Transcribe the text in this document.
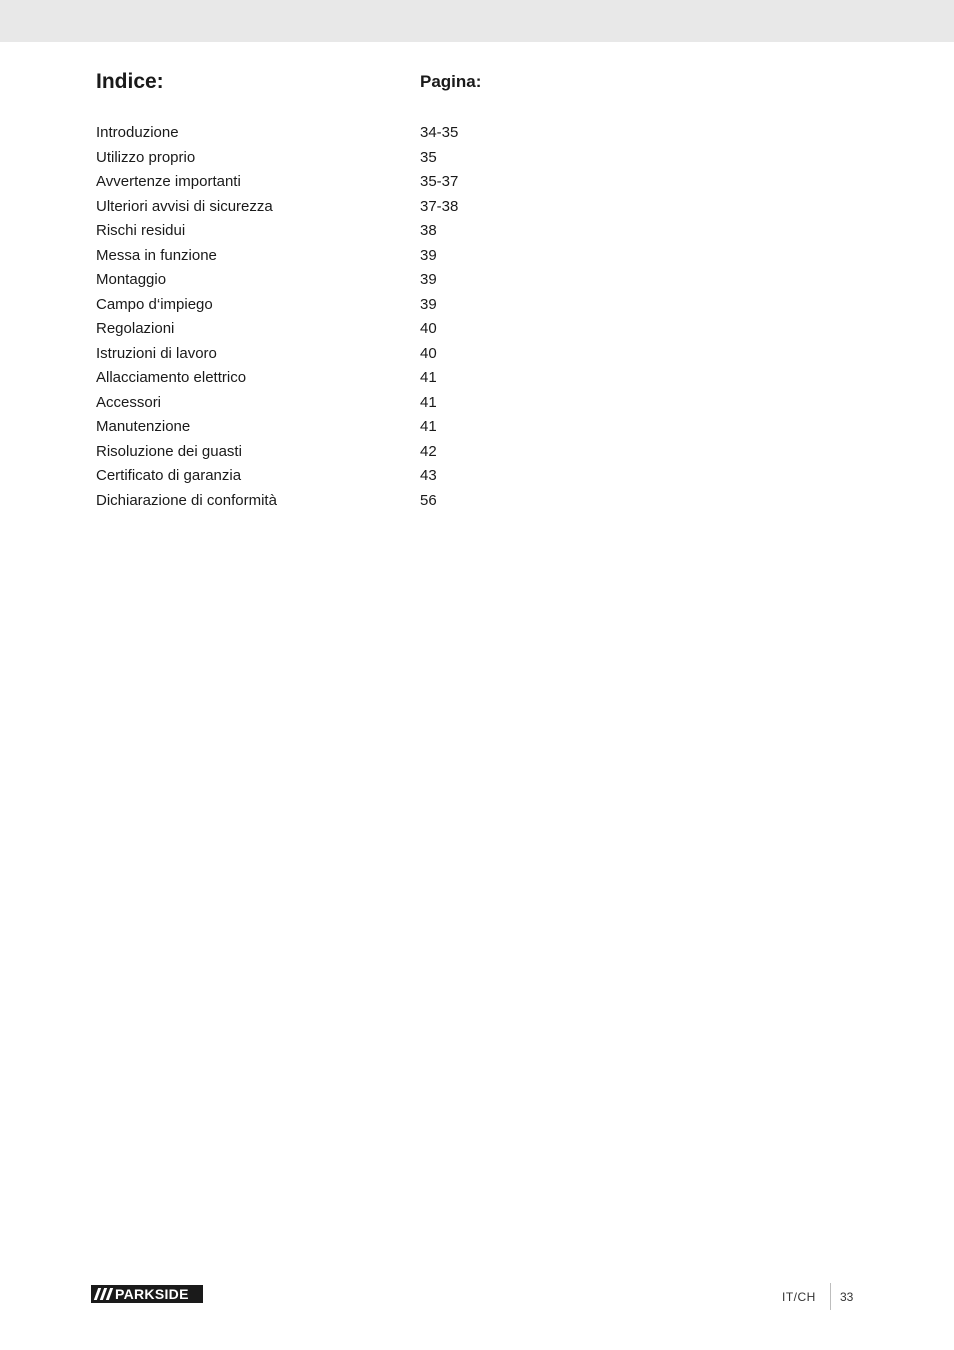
Indice:	Pagina:
Introduzione	34-35
Utilizzo proprio	35
Avvertenze importanti	35-37
Ulteriori avvisi di sicurezza	37-38
Rischi residui	38
Messa in funzione	39
Montaggio	39
Campo d‘impiego	39
Regolazioni	40
Istruzioni di lavoro	40
Allacciamento elettrico	41
Accessori	41
Manutenzione	41
Risoluzione dei guasti	42
Certificato di garanzia	43
Dichiarazione di conformità	56
PARKSIDE	IT/CH 33
